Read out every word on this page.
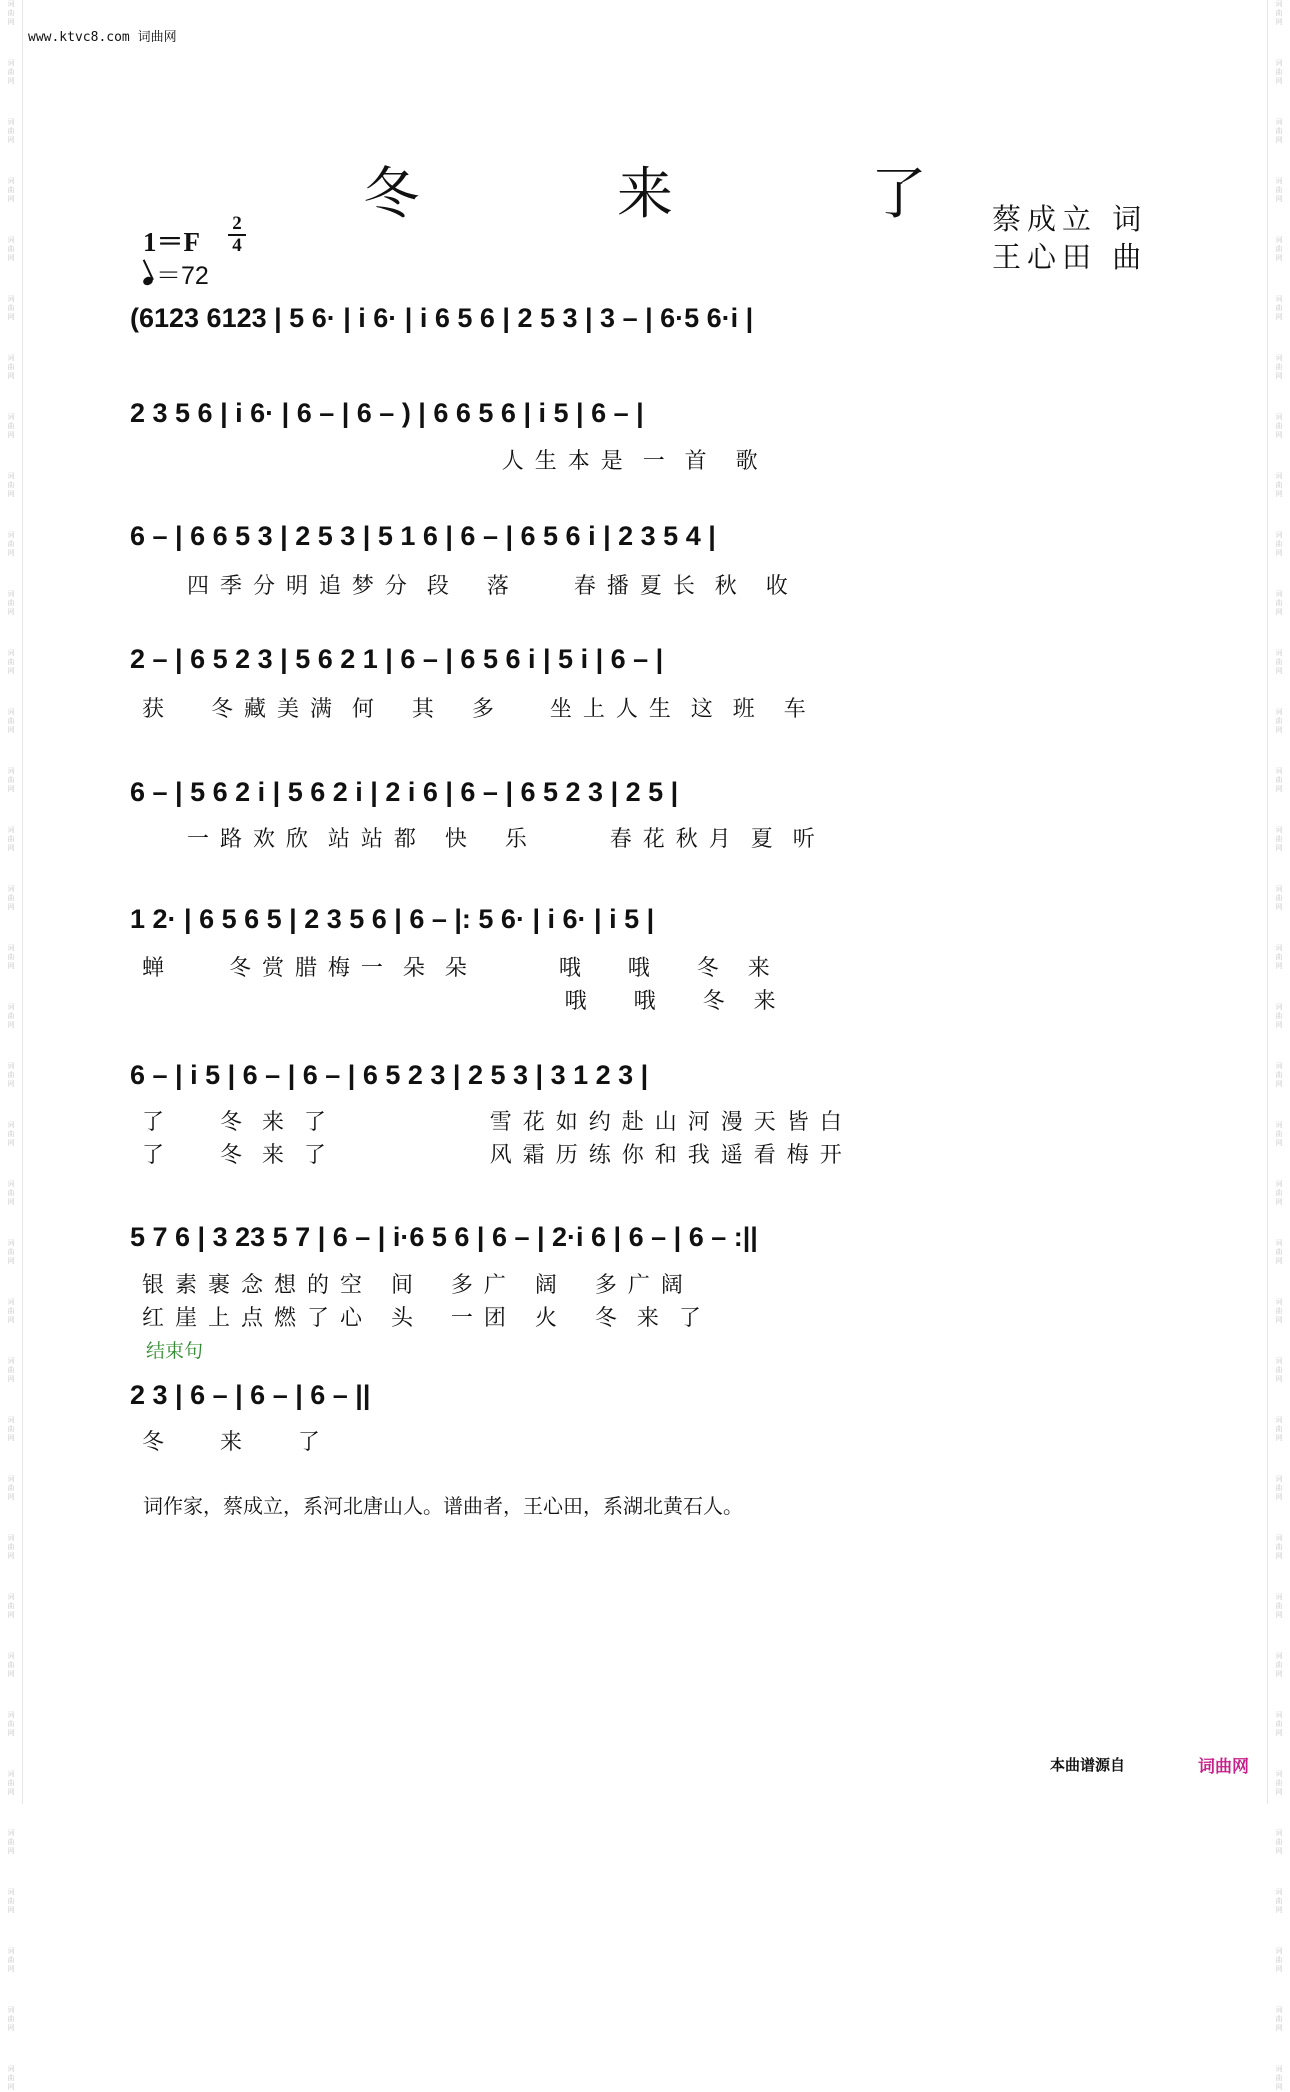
词
曲
网
词
曲
网
词
曲
网
词
曲
网
词
曲
网
词
曲
网
词
曲
网
词
曲
网
词
曲
网
词
曲
网
词
曲
网
词
曲
网
词
曲
网
词
曲
网
词
曲
网
词
曲
网
词
曲
网
词
曲
网
词
曲
网
词
曲
网
词
曲
网
词
曲
网
词
曲
网
词
曲
网
词
曲
网
词
曲
网
词
曲
网
词
曲
网
词
曲
网
词
曲
网
词
曲
网
词
曲
网
词
曲
网
词
曲
网
词
曲
网
词
曲
网
词
曲
网
词
曲
网
词
曲
网
词
曲
网
词
曲
网
词
曲
网
词
曲
网
词
曲
网
词
曲
网
词
曲
网
词
曲
网
词
曲
网
词
曲
网
词
曲
网
词
曲
网
词
曲
网
词
曲
网
词
曲
网
词
曲
网
词
曲
网
词
曲
网
词
曲
网
词
曲
网
词
曲
网
词
曲
网
词
曲
网
词
曲
网
词
曲
网
词
曲
网
词
曲
网
词
曲
网
词
曲
网
词
曲
网
词
曲
网
词
曲
网
词
曲
网
www.ktvc8.com 词曲网
冬 来 了
蔡成立 词
王心田 曲
1＝F
2
4
＝72
(6123 6123 | 5 6· | i 6· | i 6 5 6 | 2 5 3 | 3 – | 6·5 6·i |
2 3 5 6 | i 6· | 6 – | 6 – ) | 6 6 5 6 | i 5 | 6 – |
人 生 本 是  一  首   歌
6 – | 6 6 5 3 | 2 5 3 | 5 1 6 | 6 – | 6 5 6 i | 2 3 5 4 |
四 季 分 明 追 梦 分  段    落       春 播 夏 长  秋   收
2 – | 6 5 2 3 | 5 6 2 1 | 6 – | 6 5 6 i | 5 i | 6 – |
获     冬 藏 美 满  何    其    多      坐 上 人 生  这  班   车
6 – | 5 6 2 i | 5 6 2 i | 2 i 6 | 6 – | 6 5 2 3 | 2 5 |
一 路 欢 欣  站 站 都   快    乐         春 花 秋 月  夏  听
1 2· | 6 5 6 5 | 2 3 5 6 | 6 – |: 5 6· | i 6· | i 5 |
蝉       冬 赏 腊 梅 一  朵  朵          哦     哦     冬   来
哦     哦     冬   来
6 – | i 5 | 6 – | 6 – | 6 5 2 3 | 2 5 3 | 3 1 2 3 |
了      冬  来  了                  雪 花 如 约 赴 山 河 漫 天 皆 白
了      冬  来  了                  风 霜 历 练 你 和 我 遥 看 梅 开
5 7 6 | 3 23 5 7 | 6 – | i·6 5 6 | 6 – | 2·i 6 | 6 – | 6 – :||
银 素 裹 念 想 的 空   间    多 广   阔    多 广 阔
红 崖 上 点 燃 了 心   头    一 团   火    冬  来  了
结束句
2 3 | 6 – | 6 – | 6 – ||
冬      来      了
词作家，蔡成立，系河北唐山人。谱曲者，王心田，系湖北黄石人。
本曲谱源自	词曲网
